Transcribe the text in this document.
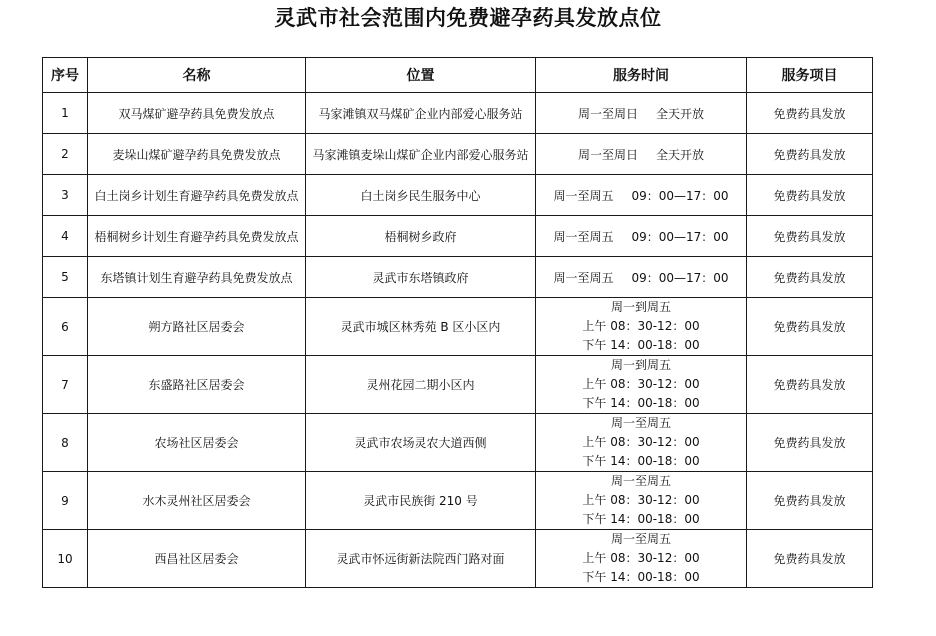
灵武市社会范围内免费避孕药具发放点位
序号	名称	位置	服务时间	服务项目
1	双马煤矿避孕药具免费发放点	马家滩镇双马煤矿企业内部爱心服务站	周一至周日 全天开放	免费药具发放
2	麦垛山煤矿避孕药具免费发放点	马家滩镇麦垛山煤矿企业内部爱心服务站	周一至周日 全天开放	免费药具发放
3	白土岗乡计划生育避孕药具免费发放点	白土岗乡民生服务中心	周一至周五 09：00—17：00	免费药具发放
4	梧桐树乡计划生育避孕药具免费发放点	梧桐树乡政府	周一至周五 09：00—17：00	免费药具发放
5	东塔镇计划生育避孕药具免费发放点	灵武市东塔镇政府	周一至周五 09：00—17：00	免费药具发放
6	朔方路社区居委会	灵武市城区林秀苑 B 区小区内	周一到周五
上午 08：30-12：00
下午 14：00-18：00	免费药具发放
7	东盛路社区居委会	灵州花园二期小区内	周一到周五
上午 08：30-12：00
下午 14：00-18：00	免费药具发放
8	农场社区居委会	灵武市农场灵农大道西侧	周一至周五
上午 08：30-12：00
下午 14：00-18：00	免费药具发放
9	水木灵州社区居委会	灵武市民族街 210 号	周一至周五
上午 08：30-12：00
下午 14：00-18：00	免费药具发放
10	西昌社区居委会	灵武市怀远街新法院西门路对面	周一至周五
上午 08：30-12：00
下午 14：00-18：00	免费药具发放
